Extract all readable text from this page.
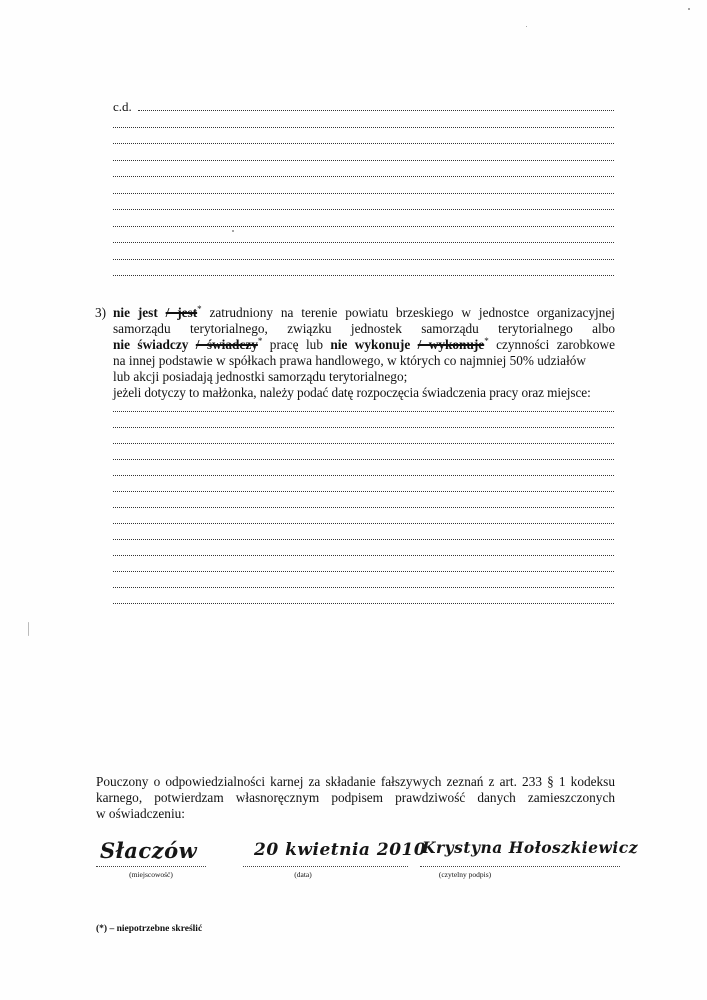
c.d.
3) nie jest / jest* zatrudniony na terenie powiatu brzeskiego w jednostce organizacyjnej
samorządu terytorialnego, związku jednostek samorządu terytorialnego albo
nie świadczy / świadczy* pracę lub nie wykonuje / wykonuje* czynności zarobkowe
na innej podstawie w spółkach prawa handlowego, w których co najmniej 50% udziałów
lub akcji posiadają jednostki samorządu terytorialnego;
jeżeli dotyczy to małżonka, należy podać datę rozpoczęcia świadczenia pracy oraz miejsce:
Pouczony o odpowiedzialności karnej za składanie fałszywych zeznań z art. 233 § 1 kodeksu
karnego, potwierdzam własnoręcznym podpisem prawdziwość danych zamieszczonych
w oświadczeniu:
Słaczów
(miejscowość)
20 kwietnia 2010
(data)
Krystyna Hołoszkiewicz
(czytelny podpis)
(*) – niepotrzebne skreślić
